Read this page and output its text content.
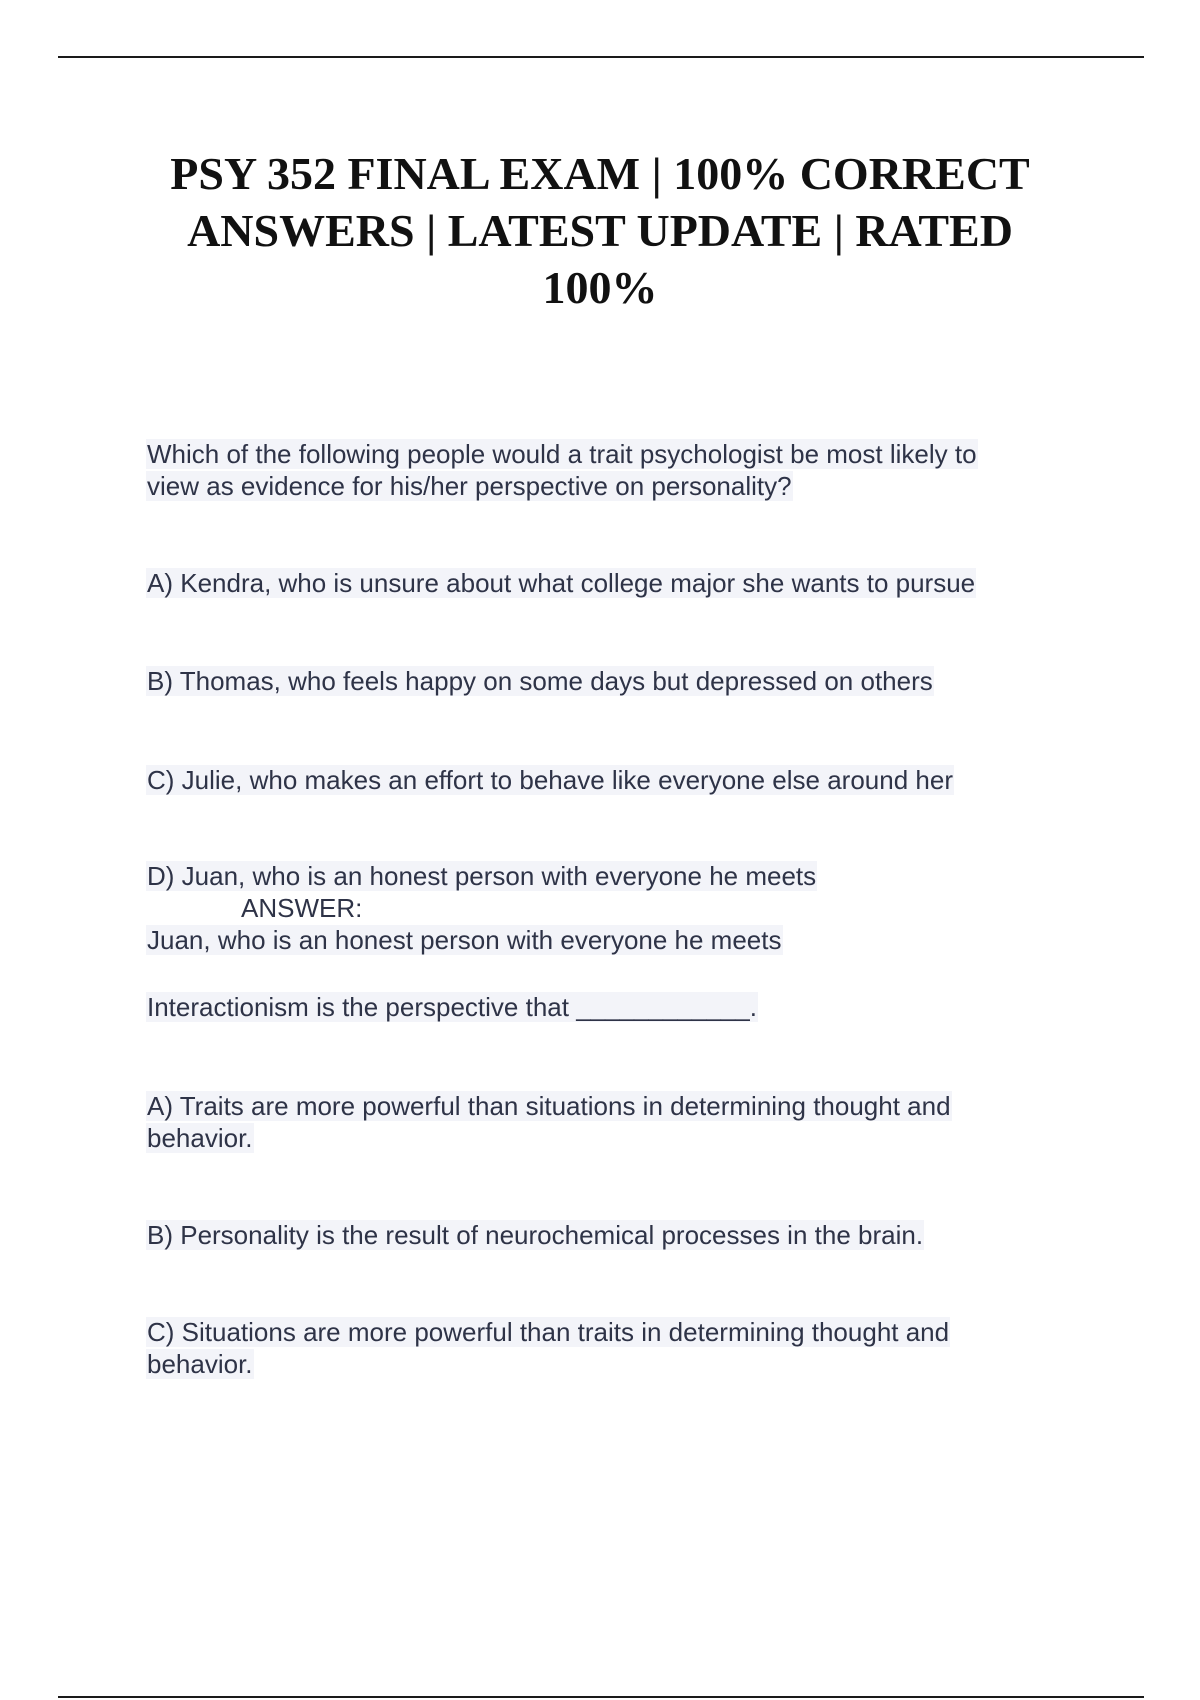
PSY 352 FINAL EXAM | 100% CORRECT
ANSWERS | LATEST UPDATE | RATED
100%
Which of the following people would a trait psychologist be most likely to
view as evidence for his/her perspective on personality?
A) Kendra, who is unsure about what college major she wants to pursue
B) Thomas, who feels happy on some days but depressed on others
C) Julie, who makes an effort to behave like everyone else around her
D) Juan, who is an honest person with everyone he meets
ANSWER:
Juan, who is an honest person with everyone he meets
Interactionism is the perspective that ____________.
A) Traits are more powerful than situations in determining thought and
behavior.
B) Personality is the result of neurochemical processes in the brain.
C) Situations are more powerful than traits in determining thought and
behavior.
